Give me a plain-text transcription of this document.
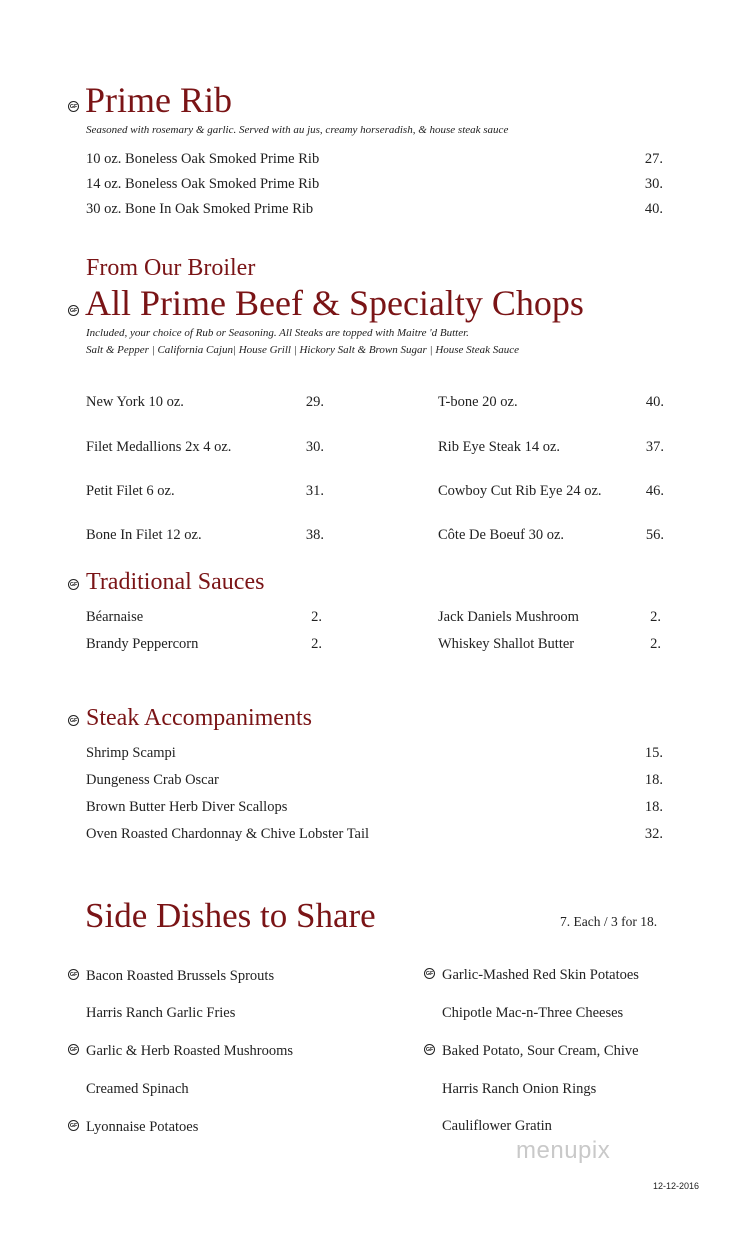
GF Prime Rib
Seasoned with rosemary & garlic. Served with au jus, creamy horseradish, & house steak sauce
10 oz. Boneless Oak Smoked Prime Rib	27.
14 oz. Boneless Oak Smoked Prime Rib	30.
30 oz. Bone In Oak Smoked Prime Rib	40.
From Our Broiler
GF All Prime Beef & Specialty Chops
Included, your choice of Rub or Seasoning. All Steaks are topped with Maitre 'd Butter.
Salt & Pepper | California Cajun| House Grill | Hickory Salt & Brown Sugar | House Steak Sauce
New York 10 oz.	29.
Filet Medallions 2x 4 oz.	30.
Petit Filet 6 oz.	31.
Bone In Filet 12 oz.	38.
T-bone 20 oz.	40.
Rib Eye Steak 14 oz.	37.
Cowboy Cut Rib Eye 24 oz.	46.
Côte De Boeuf 30 oz.	56.
GF Traditional Sauces
Béarnaise	2.
Brandy Peppercorn	2.
Jack Daniels Mushroom	2.
Whiskey Shallot Butter	2.
GF Steak Accompaniments
Shrimp Scampi	15.
Dungeness Crab Oscar	18.
Brown Butter Herb Diver Scallops	18.
Oven Roasted Chardonnay & Chive Lobster Tail	32.
Side Dishes to Share	7. Each / 3 for 18.
GF Bacon Roasted Brussels Sprouts
Harris Ranch Garlic Fries
GF Garlic & Herb Roasted Mushrooms
Creamed Spinach
GF Lyonnaise Potatoes
GF Garlic-Mashed Red Skin Potatoes
Chipotle Mac-n-Three Cheeses
GF Baked Potato, Sour Cream, Chive
Harris Ranch Onion Rings
Cauliflower Gratin
menupix
12-12-2016
